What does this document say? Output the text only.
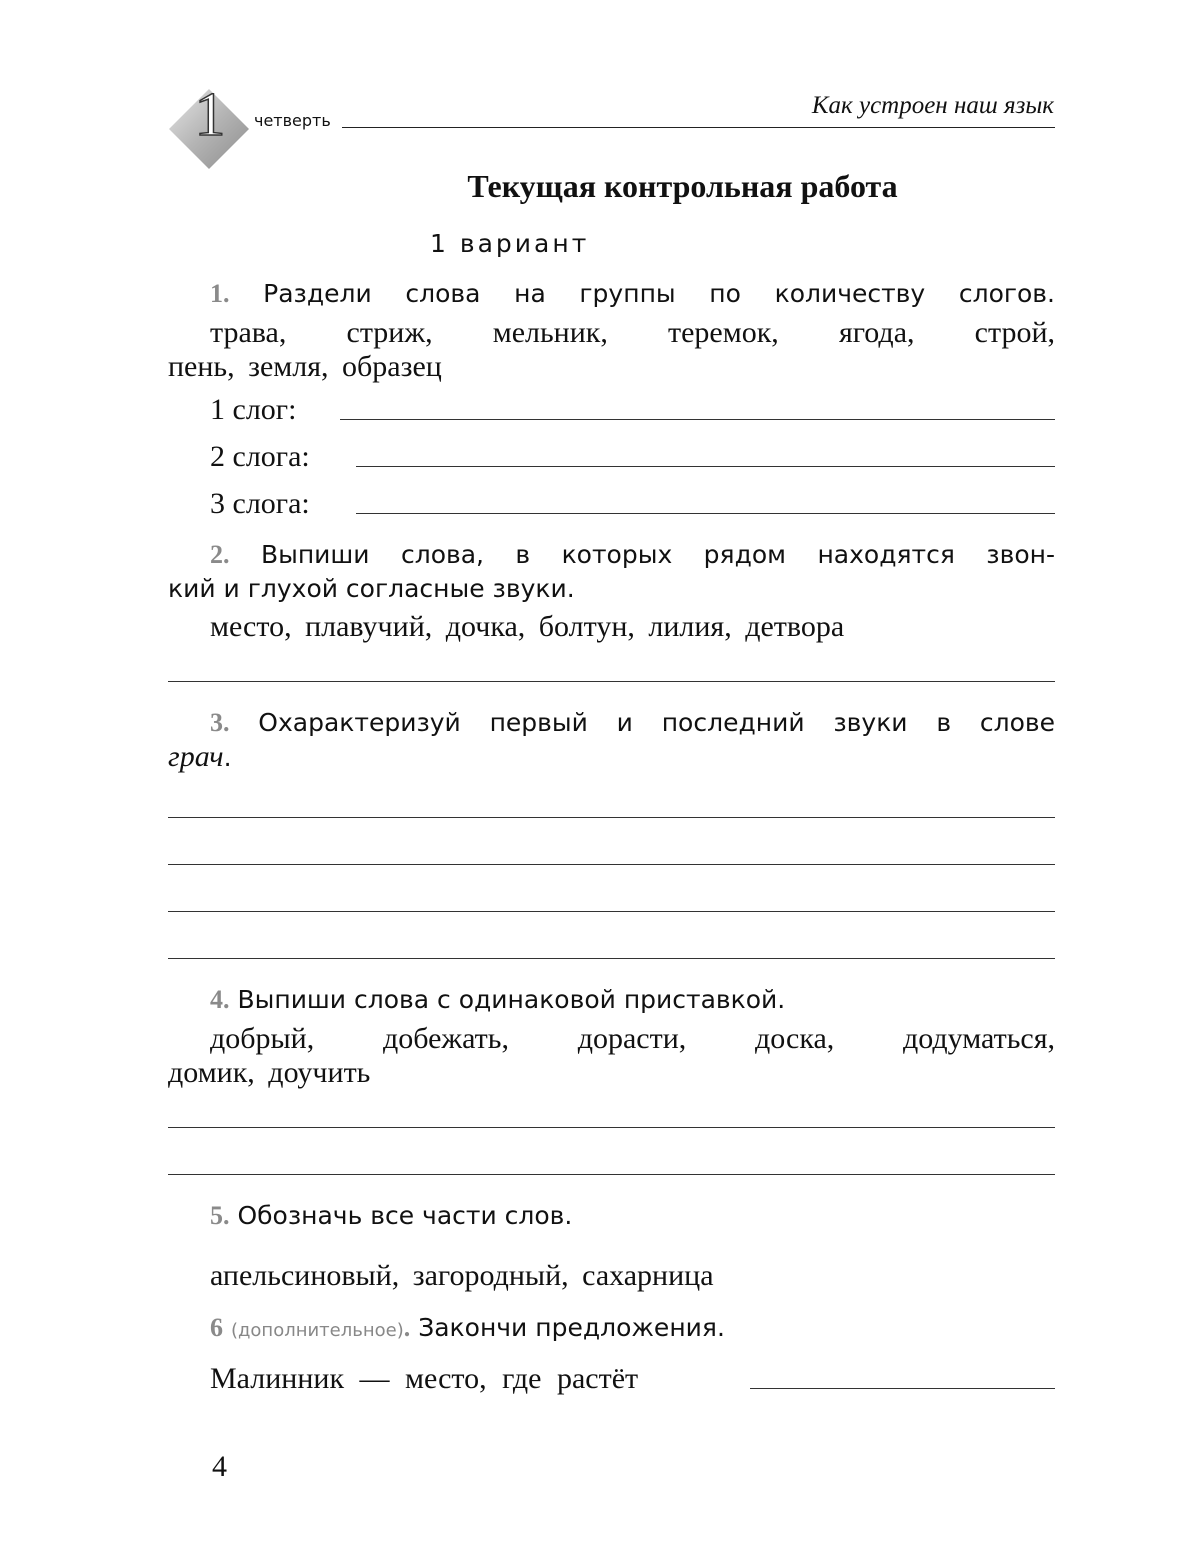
1 четверть
Как устроен наш язык
Текущая контрольная работа
1 вариант
1. Раздели слова на группы по количеству слогов.
трава, стриж, мельник, теремок, ягода, строй,
пень, земля, образец
1 слог:
2 слога:
3 слога:
2. Выпиши слова, в которых рядом находятся звон-
кий и глухой согласные звуки.
место, плавучий, дочка, болтун, лилия, детвора
3. Охарактеризуй первый и последний звуки в слове
грач.
4. Выпиши слова с одинаковой приставкой.
добрый, добежать, дорасти, доска, додуматься,
домик, доучить
5. Обозначь все части слов.
апельсиновый, загородный, сахарница
6 (дополнительное). Закончи предложения.
Малинник — место, где растёт
4
